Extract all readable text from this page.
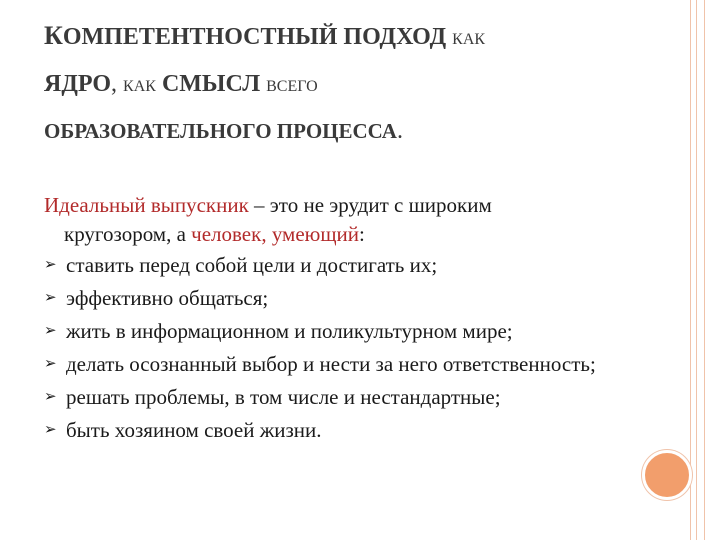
КОМПЕТЕНТНОСТНЫЙ ПОДХОД КАК
ЯДРО, КАК СМЫСЛ ВСЕГО
ОБРАЗОВАТЕЛЬНОГО ПРОЦЕССА.
Идеальный выпускник – это не эрудит с широким
кругозором, а человек, умеющий:
➢ ставить перед собой цели и достигать их;
➢ эффективно общаться;
➢ жить в информационном и поликультурном мире;
➢ делать осознанный выбор и нести за него ответственность;
➢ решать проблемы, в том числе и нестандартные;
➢ быть хозяином своей жизни.
